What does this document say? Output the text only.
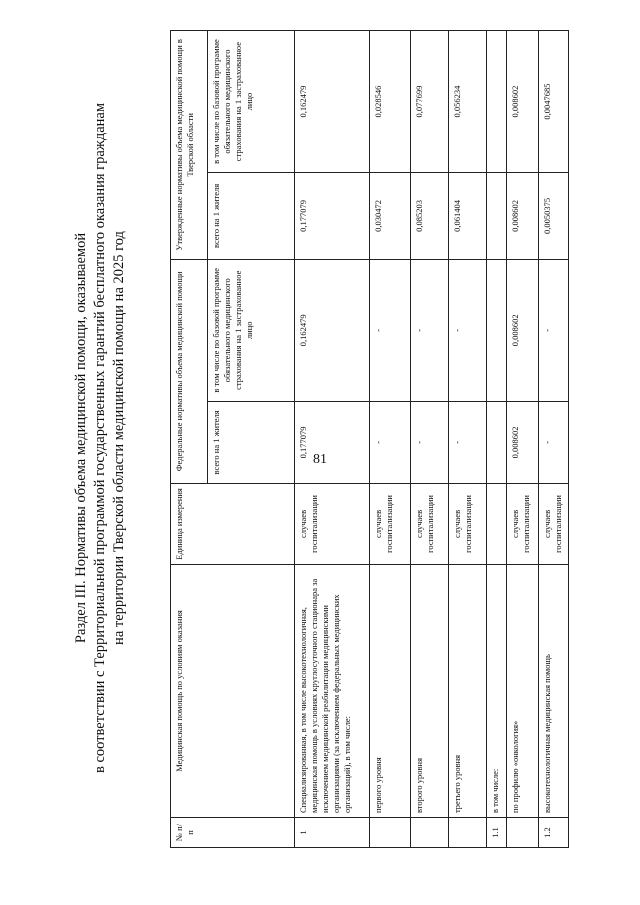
81
Раздел III. Нормативы объема медицинской помощи, оказываемой в соответствии с Территориальной программой государственных гарантий бесплатного оказания гражданам на территории Тверской области медицинской помощи на 2025 год
№ п/п	Медицинская помощь по условиям оказания	Единица измерения	Федеральные нормативы объема медицинской помощи		Утвержденные нормативы объема медицинской помощи в Тверской области	
			всего на 1 жителя	в том числе по базовой программе обязательного медицинского страхования на 1 застрахованное лицо	всего на 1 жителя	в том числе по базовой программе обязательного медицинского страхования на 1 застрахованное лицо
1	Специализированная, в том числе высокотехнологичная, медицинская помощь в условиях круглосуточного стационара за исключением медицинской реабилитации медицинскими организациями (за исключением федеральных медицинских организаций), в том числе:	случаев госпитализации	0,177079	0,162479	0,177079	0,162479
	первого уровня	случаев госпитализации	-	-	0,030472	0,028546
	второго уровня	случаев госпитализации	-	-	0,085203	0,077699
	третьего уровня	случаев госпитализации	-	-	0,061404	0,056234
1.1	в том числе:					
	по профилю «онкология»	случаев госпитализации	0,008602	0,008602	0,008602	0,008602
1.2	высокотехнологичная медицинская помощь	случаев госпитализации	-	-	0,0050375	0,0047685
